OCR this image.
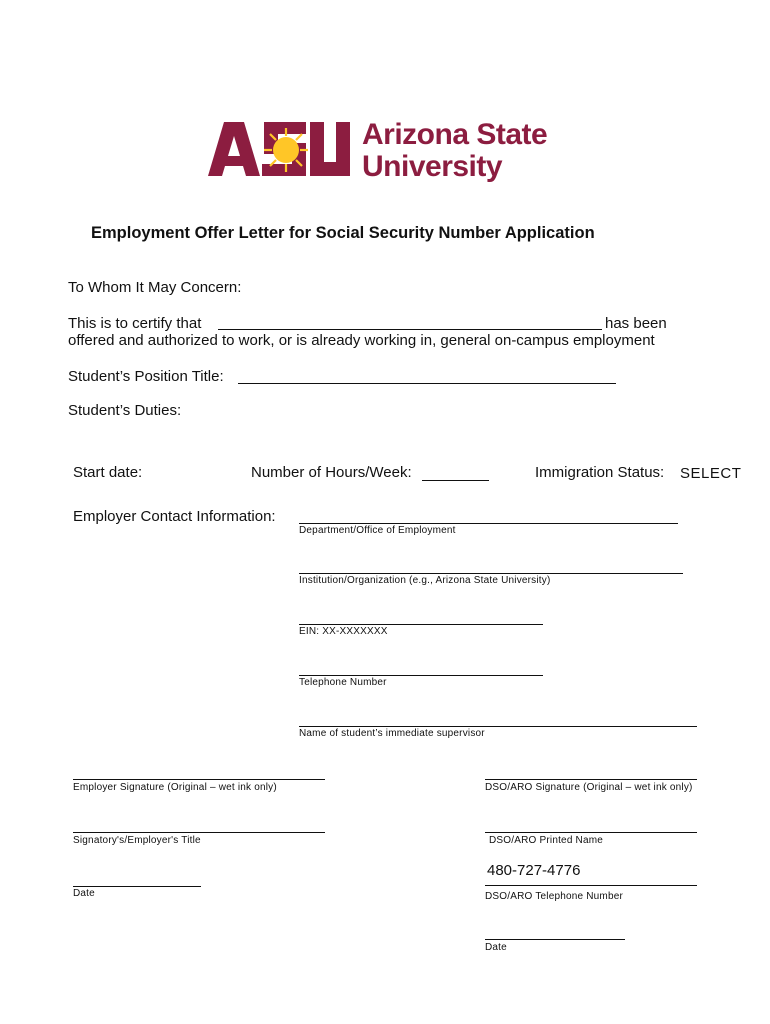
Arizona State
University
Employment Offer Letter for Social Security Number Application
To Whom It May Concern:
This is to certify that	has been
offered and authorized to work, or is already working in, general on-campus employment
Student’s Position Title:
Student’s Duties:
Start date:	Number of Hours/Week:	Immigration Status: SELECT
Employer Contact Information:
Department/Office of Employment
Institution/Organization (e.g., Arizona State University)
EIN: XX-XXXXXXX
Telephone Number
Name of student’s immediate supervisor
Employer Signature (Original – wet ink only)
Signatory's/Employer's Title
Date
DSO/ARO Signature (Original – wet ink only)
DSO/ARO Printed Name
480-727-4776
DSO/ARO Telephone Number
Date
